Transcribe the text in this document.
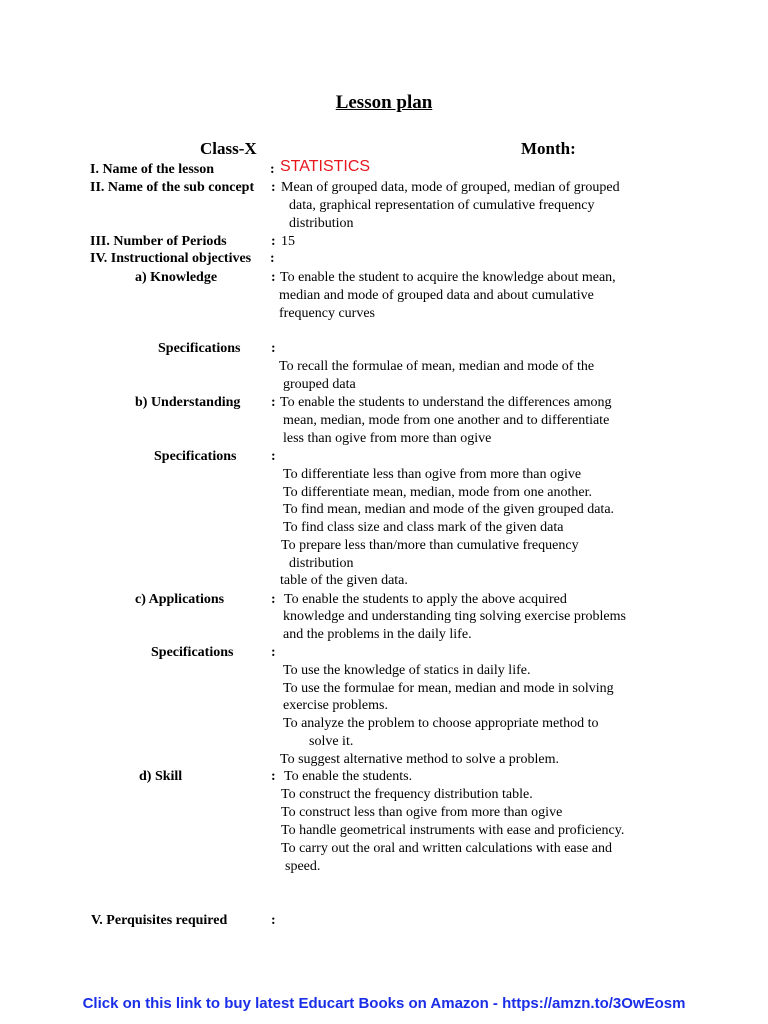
Lesson plan
Class-X	Month:
I. Name of the lesson	: STATISTICS
II. Name of the sub concept : Mean of grouped data, mode of grouped, median of grouped
data, graphical representation of cumulative frequency
distribution
III. Number of Periods	: 15
IV. Instructional objectives :
a) Knowledge	: To enable the student to acquire the knowledge about mean,
median and mode of grouped data and about cumulative
frequency curves
Specifications :
To recall the formulae of mean, median and mode of the
grouped data
b) Understanding : To enable the students to understand the differences among
mean, median, mode from one another and to differentiate
less than ogive from more than ogive
Specifications :
To differentiate less than ogive from more than ogive
To differentiate mean, median, mode from one another.
To find mean, median and mode of the given grouped data.
To find class size and class mark of the given data
To prepare less than/more than cumulative frequency
distribution
table of the given data.
c) Applications	: To enable the students to apply the above acquired
knowledge and understanding ting solving exercise problems
and the problems in the daily life.
Specifications	:
To use the knowledge of statics in daily life.
To use the formulae for mean, median and mode in solving
exercise problems.
To analyze the problem to choose appropriate method to
solve it.
To suggest alternative method to solve a problem.
d) Skill	: To enable the students.
To construct the frequency distribution table.
To construct less than ogive from more than ogive
To handle geometrical instruments with ease and proficiency.
To carry out the oral and written calculations with ease and
speed.
V. Perquisites required	:
Click on this link to buy latest Educart Books on Amazon - https://amzn.to/3OwEosm
